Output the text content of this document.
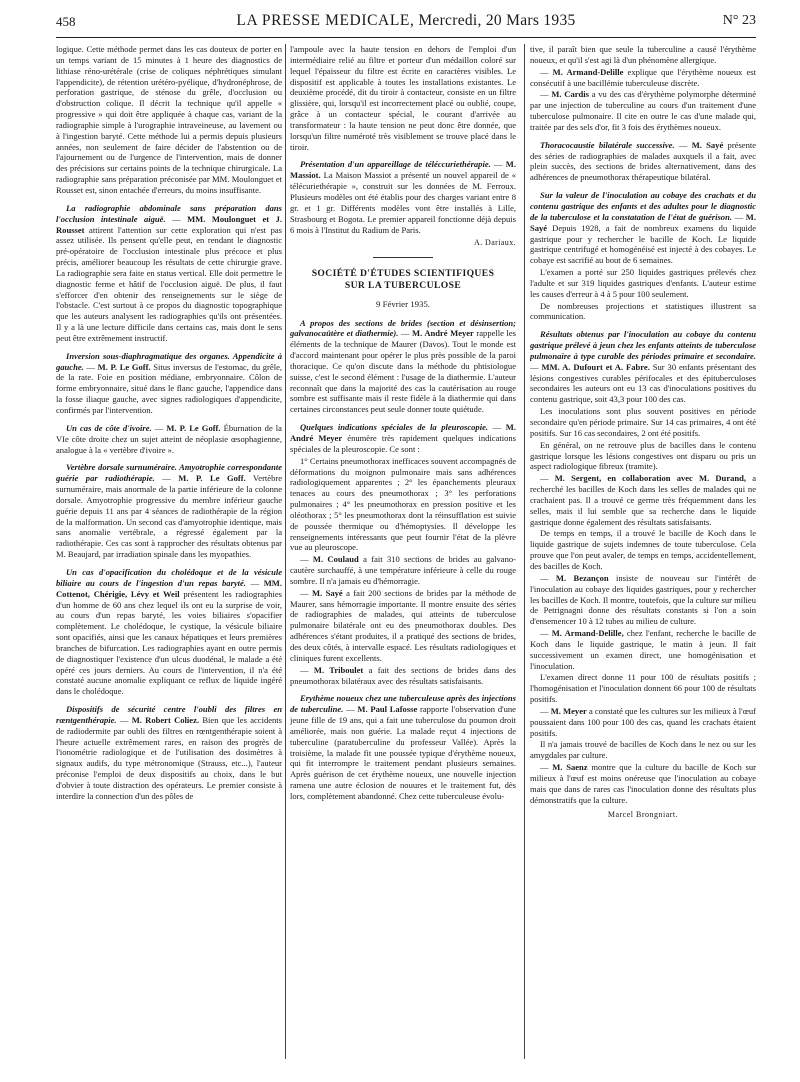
458	LA PRESSE MEDICALE, Mercredi, 20 Mars 1935	N° 23

logique. Cette méthode permet dans les cas douteux de porter en un temps variant de 15 minutes à 1 heure des diagnostics de lithiase réno-urétérale (crise de coliques néphrétiques simulant l'appendicite), de rétention urétéro-pyélique, d'hydronéphrose, de perforation gastrique, de sténose du grêle, d'occlusion ou d'obstruction colique. Il décrit la technique qu'il appelle « progressive » qui doit être appliquée à chaque cas, variant de la radiographie simple à l'urographie intraveineuse, au lavement ou à l'ingestion baryté. Cette méthode lui a permis depuis plusieurs années, non seulement de faire décider de l'abstention ou de l'ajournement ou de l'urgence de l'intervention, mais de donner des précisions sur certains points de la technique chirurgicale. La radiographie sans préparation préconisée par MM. Moulonguet et Rousset est, sinon entachée d'erreurs, du moins insuffisante.

La radiographie abdominale sans préparation dans l'occlusion intestinale aiguë. — MM. Moulonguet et J. Rousset attirent l'attention sur cette exploration qui n'est pas assez utilisée. Ils pensent qu'elle peut, en rendant le diagnostic pré-opératoire de l'occlusion intestinale plus précoce et plus précis, améliorer beaucoup les résultats de cette chirurgie grave. La radiographie sera faite en status vertical. Elle doit permettre le diagnostic ferme et hâtif de l'occlusion aiguë. De plus, il faut s'efforcer d'en obtenir des renseignements sur le siège de l'obstacle. C'est surtout à ce propos du diagnostic topographique que les auteurs analysent les radiographies qu'ils ont présentées. Il y a là une lecture difficile dans certains cas, mais dont le sens peut être extrêmement instructif.

Inversion sous-diaphragmatique des organes. Appendicite à gauche. — M. P. Le Goff. Situs inversus de l'estomac, du grêle, de la rate. Foie en position médiane, embryonnaire. Côlon de forme embryonnaire, situé dans le flanc gauche, l'appendice dans la fosse iliaque gauche, avec signes radiologiques d'appendicite, confirmés par l'intervention.

Un cas de côte d'ivoire. — M. P. Le Goff. Éburnation de la VIe côte droite chez un sujet atteint de néoplasie œsophagienne, analogue à la « vertèbre d'ivoire ».

Vertèbre dorsale surnuméraire. Amyotrophie correspondante guérie par radiothérapie. — M. P. Le Goff. Vertèbre surnuméraire, mais anormale de la partie inférieure de la colonne dorsale. Amyotrophie progressive du membre inférieur gauche guérie depuis 11 ans par 4 séances de radiothérapie de la région de la malformation. Un second cas d'amyotrophie identique, mais sans anomalie vertébrale, a régressé également par la radiothérapie. Ces cas sont à rapprocher des résultats obtenus par M. Beaujard, par irradiation spinale dans les myopathies.

Un cas d'opacification du cholédoque et de la vésicule biliaire au cours de l'ingestion d'un repas baryté. — MM. Cottenot, Chérigie, Lévy et Weil présentent les radiographies d'un homme de 60 ans chez lequel ils ont eu la surprise de voir, au cours d'un repas baryté, les voies biliaires s'opacifier complètement. Le cholédoque, le cystique, la vésicule biliaire sont opacifiés, ainsi que les canaux hépatiques et leurs premières branches de bifurcation. Les radiographies ayant en outre permis de diagnostiquer l'existence d'un ulcus duodénal, le malade a été opéré ces jours derniers. Au cours de l'intervention, il n'a été constaté aucune anomalie expliquant ce reflux de liquide ingéré dans le cholédoque.

Dispositifs de sécurité centre l'oubli des filtres en rœntgenthérapie. — M. Robert Coliez. Bien que les accidents de radiodermite par oubli des filtres en rœntgenthérapie soient à l'heure actuelle extrêmement rares, en raison des progrès de l'ionométrie radiologique et de l'utilisation des dosimètres à signaux audifs, du type métronomique (Strauss, etc...), l'auteur préconise l'emploi de deux dispositifs au choix, dans le but d'obvier à toute distraction des opérateurs. Le premier consiste à interdire la connection d'un des pôles de

l'ampoule avec la haute tension en dehors de l'emploi d'un intermédiaire relié au filtre et porteur d'un médaillon coloré sur lequel l'épaisseur du filtre est écrite en caractères visibles. Le dispositif est applicable à toutes les installations existantes. Le deuxième procédé, dit du tiroir à contacteur, consiste en un filtre glissière, qui, lorsqu'il est incorrectement placé ou oublié, coupe, grâce à un contacteur spécial, le courant d'arrivée au transformateur : la haute tension ne peut donc être donnée, que lorsqu'un filtre numéroté très visiblement se trouve placé dans le tiroir.

Présentation d'un appareillage de téléccuriethérapie. — M. Massiot. La Maison Massiot a présenté un nouvel appareil de « télécuriethérapie », construit sur les données de M. Ferroux. Plusieurs modèles ont été établis pour des charges variant entre 8 gr. et 1 gr. Différents modèles vont être installés à Lille, Strasbourg et Bogota. Le premier appareil fonctionne déjà depuis 6 mois à l'Institut du Radium de Paris.

A. Dariaux.

SOCIÉTÉ D'ÉTUDES SCIENTIFIQUES
SUR LA TUBERCULOSE
9 Février 1935.

A propos des sections de brides (section et désinsertion; galvanocaütère et diathermie). — M. André Meyer rappelle les éléments de la technique de Maurer (Davos). Tout le monde est d'accord maintenant pour opérer le plus près possible de la paroi thoracique. Ce qu'on discute dans la méthode du phtisiologue suisse, c'est le second élément : l'usage de la diathermie. L'auteur reconnaît que dans la majorité des cas la cautérisation au rouge sombre est suffisante mais il reste fidèle à la diathermie qui dans certaines circonstances peut seule donner toute quiétude.

Quelques indications spéciales de la pleuroscopie. — M. André Meyer énumère très rapidement quelques indications spéciales de la pleuroscopie. Ce sont :

1° Certains pneumothorax inefficaces souvent accompagnés de déformations du moignon pulmonaire mais sans adhérences radiologiquement apparentes ; 2° les épanchements pleuraux tenaces au cours des pneumothorax ; 3° les perforations pulmonaires ; 4° les pneumothorax en pression positive et les oléothorax ; 5° les pneumothorax dont la réinsufflation est suivie de poussée thermique ou d'hémoptysies. Il développe les renseignements intéressants que peut fournir l'état de la plèvre vue au pleuroscope.

— M. Coulaud a fait 310 sections de brides au galvano-cautère surchauffé, à une température inférieure à celle du rouge sombre. Il n'a jamais eu d'hémorragie.

— M. Sayé a fait 200 sections de brides par la méthode de Maurer, sans hémorragie importante. Il montre ensuite des séries de radiographies de malades, qui atteints de tuberculose pulmonaire bilatérale ont eu des pneumothorax doubles. Des adhérences s'étant produites, il a pratiqué des sections de brides, des deux côtés, à intervalle espacé. Les résultats radiologiques et cliniques furent excellents.

— M. Triboulet a fait des sections de brides dans des pneumothorax bilatéraux avec des résultats satisfaisants.

Erythème noueux chez une tuberculeuse après des injections de tuberculine. — M. Paul Lafosse rapporte l'observation d'une jeune fille de 19 ans, qui a fait une tuberculose du poumon droit améliorée, mais non guérie. La malade reçut 4 injections de tuberculine (paratuberculine du professeur Vallée). Après la troisième, la malade fit une poussée typique d'érythème noueux, qui fit interrompre le traitement pendant plusieurs semaines. Après guérison de cet érythème noueux, une nouvelle injection ramena une autre éclosion de nouures et le traitement fut, dès lors, complètement abandonné. Chez cette tuberculeuse évolu-

tive, il paraît bien que seule la tuberculine a causé l'érythème noueux, et qu'il s'est agi là d'un phénomène allergique.

— M. Armand-Delille explique que l'érythème noueux est consécutif à une bacillémie tuberculeuse discrète.

— M. Cardis a vu des cas d'érythème polymorphe déterminé par une injection de tuberculine au cours d'un traitement d'une tuberculose pulmonaire. Il cite en outre le cas d'une malade qui, traitée par des sels d'or, fit 3 fois des érythèmes noueux.

Thoracocaustie bilatérale successive. — M. Sayé présente des séries de radiographies de malades auxquels il a fait, avec plein succès, des sections de brides alternativement, dans des adhérences de pneumothorax thérapeutique bilatéral.

Sur la valeur de l'inoculation au cobaye des crachats et du contenu gastrique des enfants et des adultes pour le diagnostic de la tuberculose et la constatation de l'état de guérison. — M. Sayé Depuis 1928, a fait de nombreux examens du liquide gastrique pour y rechercher le bacille de Koch. Le liquide gastrique centrifugé et homogénéisé est injecté à des cobayes. Le cobaye est sacrifié au bout de 6 semaines.

L'examen a porté sur 250 liquides gastriques prélevés chez l'adulte et sur 319 liquides gastriques d'enfants. L'auteur estime les causes d'erreur à 4 à 5 pour 100 seulement.

De nombreuses projections et statistiques illustrent sa communication.

Résultats obtenus par l'inoculation au cobaye du contenu gastrique prélevé à jeun chez les enfants atteints de tuberculose pulmonaire à type curable des périodes primaire et secondaire. — MM. A. Dufourt et A. Fabre. Sur 30 enfants présentant des lésions congestives curables périfocales et des épituberculoses secondaires les auteurs ont eu 13 cas d'inoculations positives du contenu gastrique, soit 43,3 pour 100 des cas.

Les inoculations sont plus souvent positives en période secondaire qu'en période primaire. Sur 14 cas primaires, 4 ont été positifs. Sur 16 cas secondaires, 2 ont été positifs.

En général, on ne retrouve plus de bacilles dans le contenu gastrique lorsque les lésions congestives ont disparu ou pris un aspect radiologique fibreux (tramite).

— M. Sergent, en collaboration avec M. Durand, a recherché les bacilles de Koch dans les selles de malades qui ne crachaient pas. Il a trouvé ce germe très fréquemment dans les selles, mais il lui semble que sa recherche dans le liquide gastrique donne également des résultats satisfaisants.

De temps en temps, il a trouvé le bacille de Koch dans le liquide gastrique de sujets indemnes de toute tuberculose. Cela prouve que l'on peut avaler, de temps en temps, accidentellement, des bacilles de Koch.

— M. Bezançon insiste de nouveau sur l'intérêt de l'inoculation au cobaye des liquides gastriques, pour y rechercher les bacilles de Koch. Il montre, toutefois, que la culture sur milieu de Petrignagni donne des résultats constants si l'on a soin d'ensemencer 10 à 12 tubes au milieu de culture.

— M. Armand-Delille, chez l'enfant, recherche le bacille de Koch dans le liquide gastrique, le matin à jeun. Il fait successivement un examen direct, une homogénisation et l'inoculation.

L'examen direct donne 11 pour 100 de résultats positifs ; l'homogénisation et l'inoculation donnent 66 pour 100 de résultats positifs.

— M. Meyer a constaté que les cultures sur les milieux à l'œuf poussaient dans 100 pour 100 des cas, quand les crachats étaient positifs.

Il n'a jamais trouvé de bacilles de Koch dans le nez ou sur les amygdales par culture.

— M. Saenz montre que la culture du bacille de Koch sur milieux à l'œuf est moins onéreuse que l'inoculation au cobaye mais que dans de rares cas l'inoculation donne des résultats plus démonstratifs que la culture.

Marcel Brongniart.
